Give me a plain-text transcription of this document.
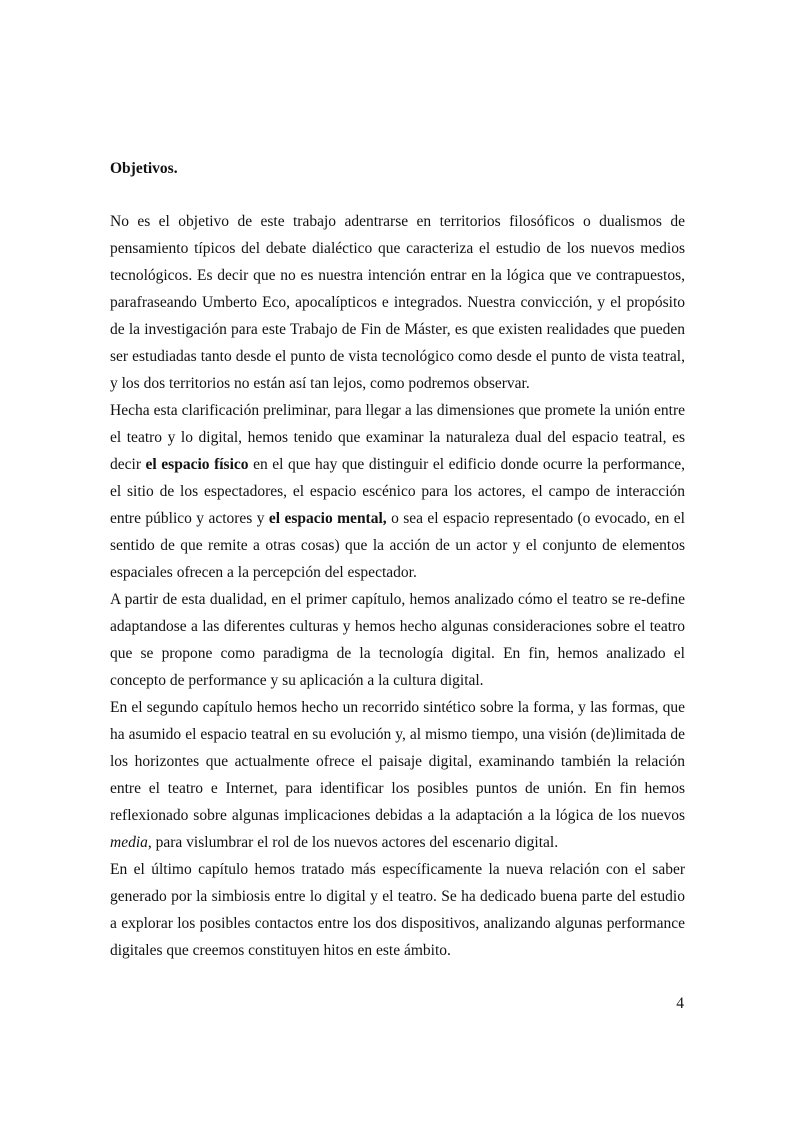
Objetivos.

No es el objetivo de este trabajo adentrarse en territorios filosóficos o dualismos de pensamiento típicos del debate dialéctico que caracteriza el estudio de los nuevos medios tecnológicos. Es decir que no es nuestra intención entrar en la lógica que ve contrapuestos, parafraseando Umberto Eco, apocalípticos e integrados. Nuestra convicción, y el propósito de la investigación para este Trabajo de Fin de Máster, es que existen realidades que pueden ser estudiadas tanto desde el punto de vista tecnológico como desde el punto de vista teatral, y los dos territorios no están así tan lejos, como podremos observar.

Hecha esta clarificación preliminar, para llegar a las dimensiones que promete la unión entre el teatro y lo digital, hemos tenido que examinar la naturaleza dual del espacio teatral, es decir el espacio físico en el que hay que distinguir el edificio donde ocurre la performance, el sitio de los espectadores, el espacio escénico para los actores, el campo de interacción entre público y actores y el espacio mental, o sea el espacio representado (o evocado, en el sentido de que remite a otras cosas) que la acción de un actor y el conjunto de elementos espaciales ofrecen a la percepción del espectador.

A partir de esta dualidad, en el primer capítulo, hemos analizado cómo el teatro se re-define adaptandose a las diferentes culturas y hemos hecho algunas consideraciones sobre el teatro que se propone como paradigma de la tecnología digital. En fin, hemos analizado el concepto de performance y su aplicación a la cultura digital.

En el segundo capítulo hemos hecho un recorrido sintético sobre la forma, y las formas, que ha asumido el espacio teatral en su evolución y, al mismo tiempo, una visión (de)limitada de los horizontes que actualmente ofrece el paisaje digital, examinando también la relación entre el teatro e Internet, para identificar los posibles puntos de unión. En fin hemos reflexionado sobre algunas implicaciones debidas a la adaptación a la lógica de los nuevos media, para vislumbrar el rol de los nuevos actores del escenario digital.

En el último capítulo hemos tratado más específicamente la nueva relación con el saber generado por la simbiosis entre lo digital y el teatro. Se ha dedicado buena parte del estudio a explorar los posibles contactos entre los dos dispositivos, analizando algunas performance digitales que creemos constituyen hitos en este ámbito.

4
